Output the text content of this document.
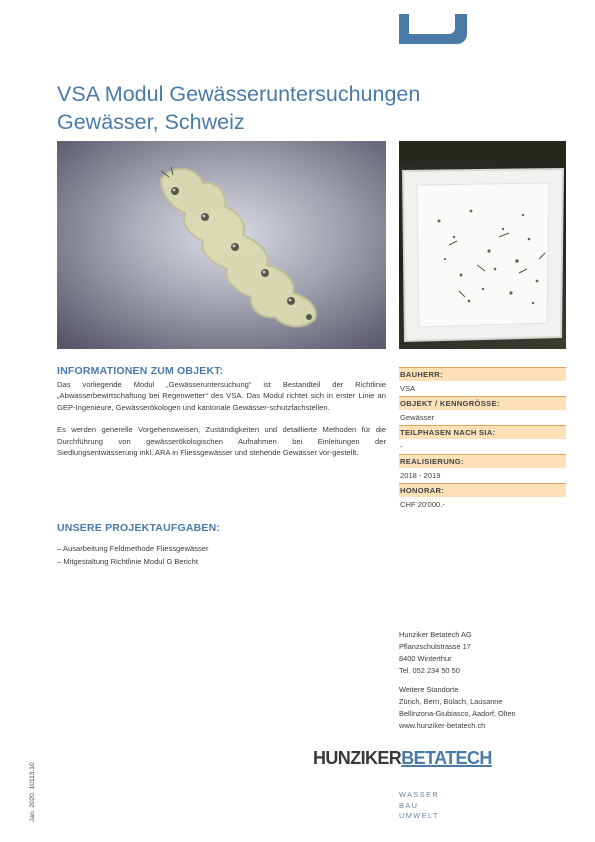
VSA Modul Gewässeruntersuchungen
Gewässer, Schweiz
INFORMATIONEN ZUM OBJEKT:

Das vorliegende Modul „Gewässeruntersuchung“ ist Bestandteil der Richtlinie „Abwasserbewirtschaftung bei Regenwetter“ des VSA. Das Modul richtet sich in erster Linie an GEP-Ingenieure, Gewässerökologen und kantonale Gewässer-schutzfachstellen.

Es werden generelle Vorgehensweisen, Zuständigkeiten und detaillierte Methoden für die Durchführung von gewässerökologischen Aufnahmen bei Einleitungen der Siedlungsentwässerung inkl. ARA in Fliessgewässer und stehende Gewässer vor-gestellt.

UNSERE PROJEKTAUFGABEN:
– Ausarbeitung Feldmethode Fliessgewässer
– Mitgestaltung Richtlinie Modul G Bericht
BAUHERR:
VSA
OBJEKT / KENNGRÖSSE:
Gewässer
TEILPHASEN NACH SIA:
-
REALISIERUNG:
2018 - 2019
HONORAR:
CHF 20'000.-
Hunziker Betatech AG
Pflanzschulstrasse 17
8400 Winterthur
Tel. 052 234 50 50
Weitere Standorte
Zürich, Bern, Bülach, Lausanne
Bellinzona-Giubiasco, Aadorf, Olten
www.hunziker-betatech.ch
HUNZIKERBETATECH
WASSER
BAU
UMWELT
Jan. 2020, 10113.10
